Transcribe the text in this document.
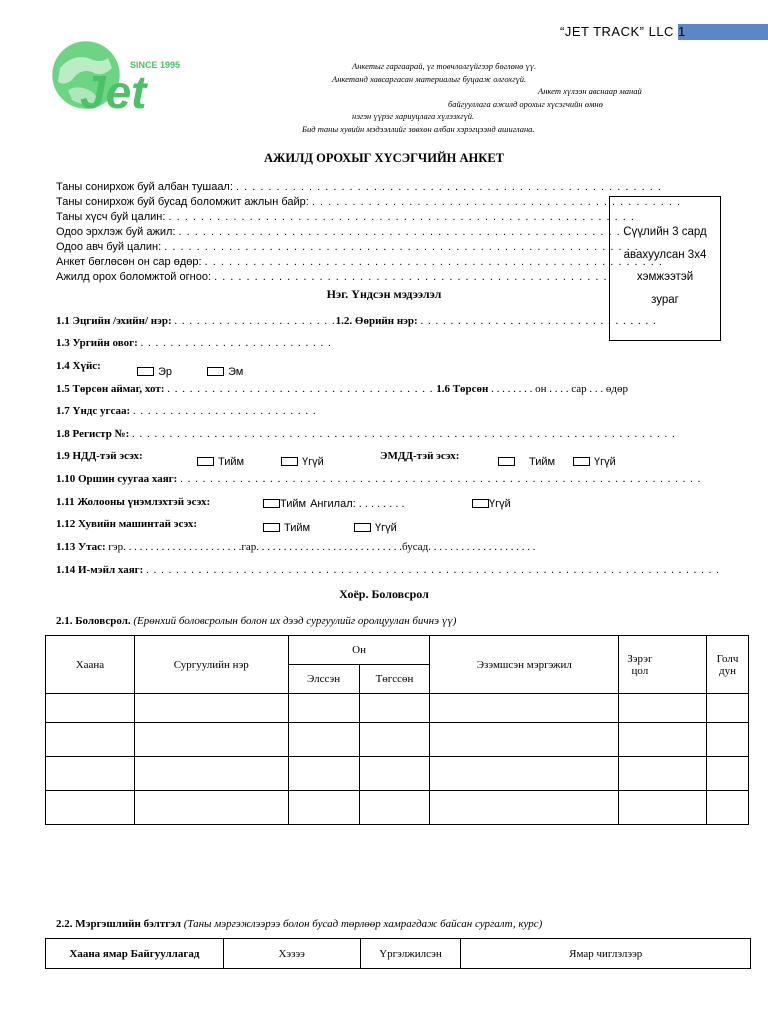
“JET TRACK” LLC 1
SINCE 1995
Jet	Анкетыг гаргаарай, үг товчлолгүйгээр бөглөнө үү.
Анкетанд хавсаргасан материалыг буцааж олгохгүй.
Анкет хүлээн авснаар манай
байгууллага ажилд орохыг хүсэгчийн өмнө
нэгэн үүрэг хариуцлага хүлээхгүй.
Бид таны хувийн мэдээллийг зөвхөн албан хэрэгцээнд ашиглана.
АЖИЛД ОРОХЫГ ХҮСЭГЧИЙН АНКЕТ
Таны сонирхож буй албан тушаал: . . . . . . . . . . . . . . . . . . . . . . . . . . . . . . . . . . . . . . . . . . . . . . . . . . . . .
Таны сонирхож буй бусад боломжит ажлын байр: . . . . . . . . . . . . . . . . . . . . . . . . . . . . . . . . . . . . . . . . . . . . . .
Таны хүсч буй цалин: . . . . . . . . . . . . . . . . . . . . . . . . . . . . . . . . . . . . . . . . . . . . . . . . . . . . . . . . . .
Одоо эрхлэж буй ажил: . . . . . . . . . . . . . . . . . . . . . . . . . . . . . . . . . . . . . . . . . . . . . . . . . . . . . . . . . .
Одоо авч буй цалин: . . . . . . . . . . . . . . . . . . . . . . . . . . . . . . . . . . . . . . . . . . . . . . . . . . . . . . . . . . .
Анкет бөглөсөн он сар өдөр: . . . . . . . . . . . . . . . . . . . . . . . . . . . . . . . . . . . . . . . . . . . . . . . . . . . . . . . . .
Ажилд орох боломжтой огноо: . . . . . . . . . . . . . . . . . . . . . . . . . . . . . . . . . . . . . . . . . . . . . . . . .
Сүүлийн 3 сард
авахуулсан 3х4
хэмжээтэй
зураг
Нэг. Үндсэн мэдээлэл
1.1 Эцгийн /эхийн/ нэр: . . . . . . . . . . . . . . . . . . . . . .1.2. Өөрийн нэр: . . . . . . . . . . . . . . . . . . . . . . . . . . . . . . . .
1.3 Ургийн овог: . . . . . . . . . . . . . . . . . . . . . . . . . .
1.4 Хүйс:	Эр	Эм
1.5 Төрсөн аймаг, хот: . . . . . . . . . . . . . . . . . . . . . . . . . . . . . . . . . . . . 1.6 Төрсөн . . . . . . . . он . . . . сар . . . өдөр
1.7 Үндс угсаа: . . . . . . . . . . . . . . . . . . . . . . . . .
1.8 Регистр №: . . . . . . . . . . . . . . . . . . . . . . . . . . . . . . . . . . . . . . . . . . . . . . . . . . . . . . . . . . . . . . . . . . . . . . . . .
1.9 НДД-тэй эсэх:	Тийм	Үгүй	ЭМДД-тэй эсэх:	Тийм	Үгүй
1.10 Оршин суугаа хаяг: . . . . . . . . . . . . . . . . . . . . . . . . . . . . . . . . . . . . . . . . . . . . . . . . . . . . . . . . . . . . . . . . . . . . . .
1.11 Жолооны үнэмлэхтэй эсэх:	Тийм Ангилал: . . . . . . . .	Үгүй
1.12 Хувийн машинтай эсэх:	Тийм	Үгүй
1.13 Утас: гэр. . . . . . . . . . . . . . . . . . . . . .гар. . . . . . . . . . . . . . . . . . . . . . . . . . .бусад. . . . . . . . . . . . . . . . . . . .
1.14 И-мэйл хаяг: . . . . . . . . . . . . . . . . . . . . . . . . . . . . . . . . . . . . . . . . . . . . . . . . . . . . . . . . . . . . . . . . . . . . . . . . . . . . .
Хоёр. Боловсрол
2.1. Боловсрол. (Ерөнхий боловсролын болон их дээд сургуулийг оролцуулан бичнэ үү)
Хаана	Сургуулийн нэр	Он		Эзэмшсэн мэргэжил	Зэрэг цол		Голч дун
		Элссэн	Төгссөн				

2.2. Мэргэшлийн бэлтгэл (Таны мэргэжлээрээ болон бусад төрлөөр хамрагдаж байсан сургалт, курс)
Хаана ямар Байгууллагад	Хэзээ	Үргэлжилсэн	Ямар чиглэлээр
